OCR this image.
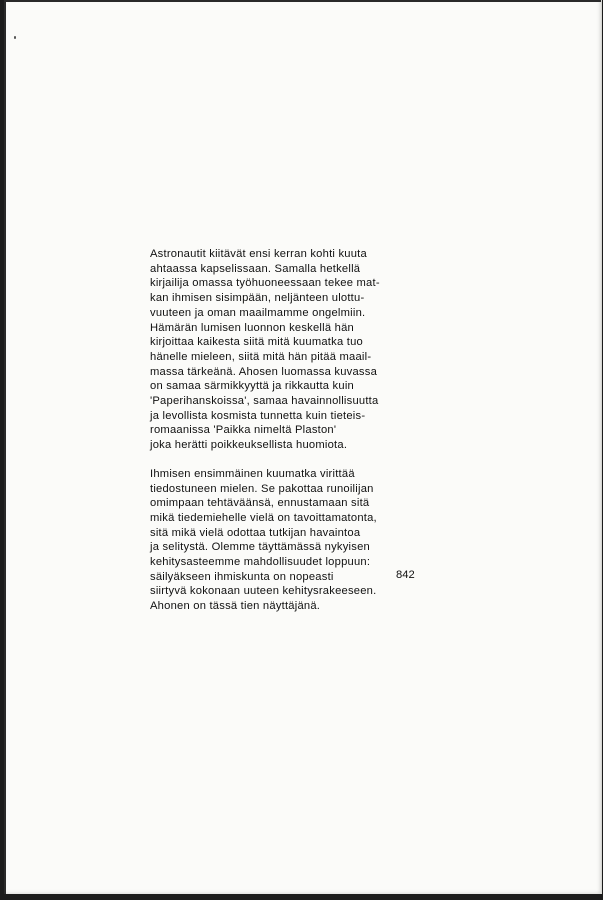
Astronautit kiitävät ensi kerran kohti kuuta
ahtaassa kapselissaan. Samalla hetkellä
kirjailija omassa työhuoneessaan tekee mat-
kan ihmisen sisimpään, neljänteen ulottu-
vuuteen ja oman maailmamme ongelmiin.
Hämärän lumisen luonnon keskellä hän
kirjoittaa kaikesta siitä mitä kuumatka tuo
hänelle mieleen, siitä mitä hän pitää maail-
massa tärkeänä. Ahosen luomassa kuvassa
on samaa särmikkyyttä ja rikkautta kuin
'Paperihanskoissa', samaa havainnollisuutta
ja levollista kosmista tunnetta kuin tieteis-
romaanissa 'Paikka nimeltä Plaston'
joka herätti poikkeuksellista huomiota.

Ihmisen ensimmäinen kuumatka virittää
tiedostuneen mielen. Se pakottaa runoilijan
omimpaan tehtäväänsä, ennustamaan sitä
mikä tiedemiehelle vielä on tavoittamatonta,
sitä mikä vielä odottaa tutkijan havaintoa
ja selitystä. Olemme täyttämässä nykyisen
kehitysasteemme mahdollisuudet loppuun:
säilyäkseen ihmiskunta on nopeasti
siirtyvä kokonaan uuteen kehitysrakeeseen.
Ahonen on tässä tien näyttäjänä.

842
